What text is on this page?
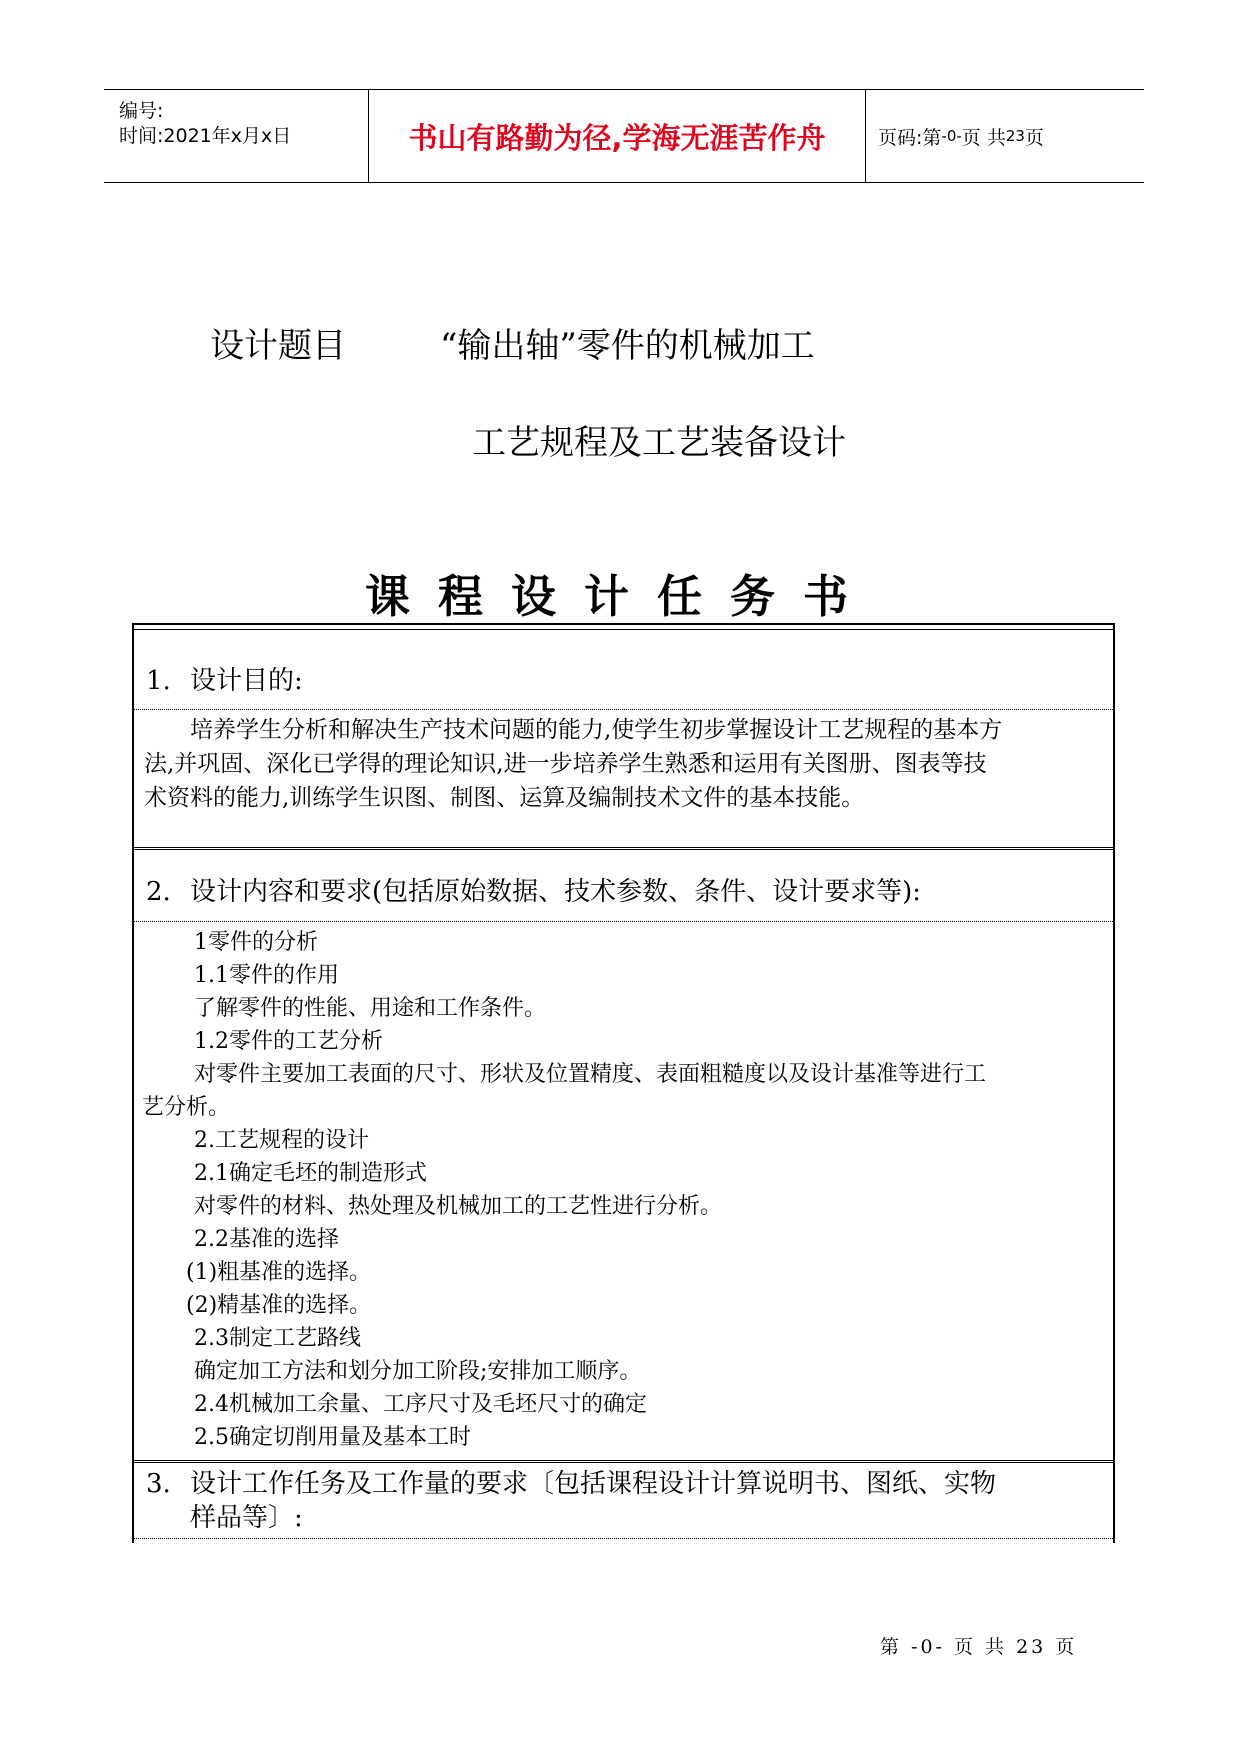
编号:
时间:2021年x月x日	书山有路勤为径,学海无涯苦作舟	页码:第 -0- 页 共 23 页
设计题目	“输出轴”零件的机械加工
工艺规程及工艺装备设计
课程设计任务书
1. 设计目的:
培养学生分析和解决生产技术问题的能力,使学生初步掌握设计工艺规程的基本方
法,并巩固、深化已学得的理论知识,进一步培养学生熟悉和运用有关图册、图表等技
术资料的能力,训练学生识图、制图、运算及编制技术文件的基本技能。
2. 设计内容和要求(包括原始数据、技术参数、条件、设计要求等):
1零件的分析
1.1零件的作用
了解零件的性能、用途和工作条件。
1.2零件的工艺分析
对零件主要加工表面的尺寸、形状及位置精度、表面粗糙度以及设计基准等进行工
艺分析。
2.工艺规程的设计
2.1确定毛坯的制造形式
对零件的材料、热处理及机械加工的工艺性进行分析。
2.2基准的选择
(1)粗基准的选择。
(2)精基准的选择。
2.3制定工艺路线
确定加工方法和划分加工阶段;安排加工顺序。
2.4机械加工余量、工序尺寸及毛坯尺寸的确定
2.5确定切削用量及基本工时
3. 设计工作任务及工作量的要求〔包括课程设计计算说明书、图纸、实物
样品等〕:
第 -0- 页 共 23 页
